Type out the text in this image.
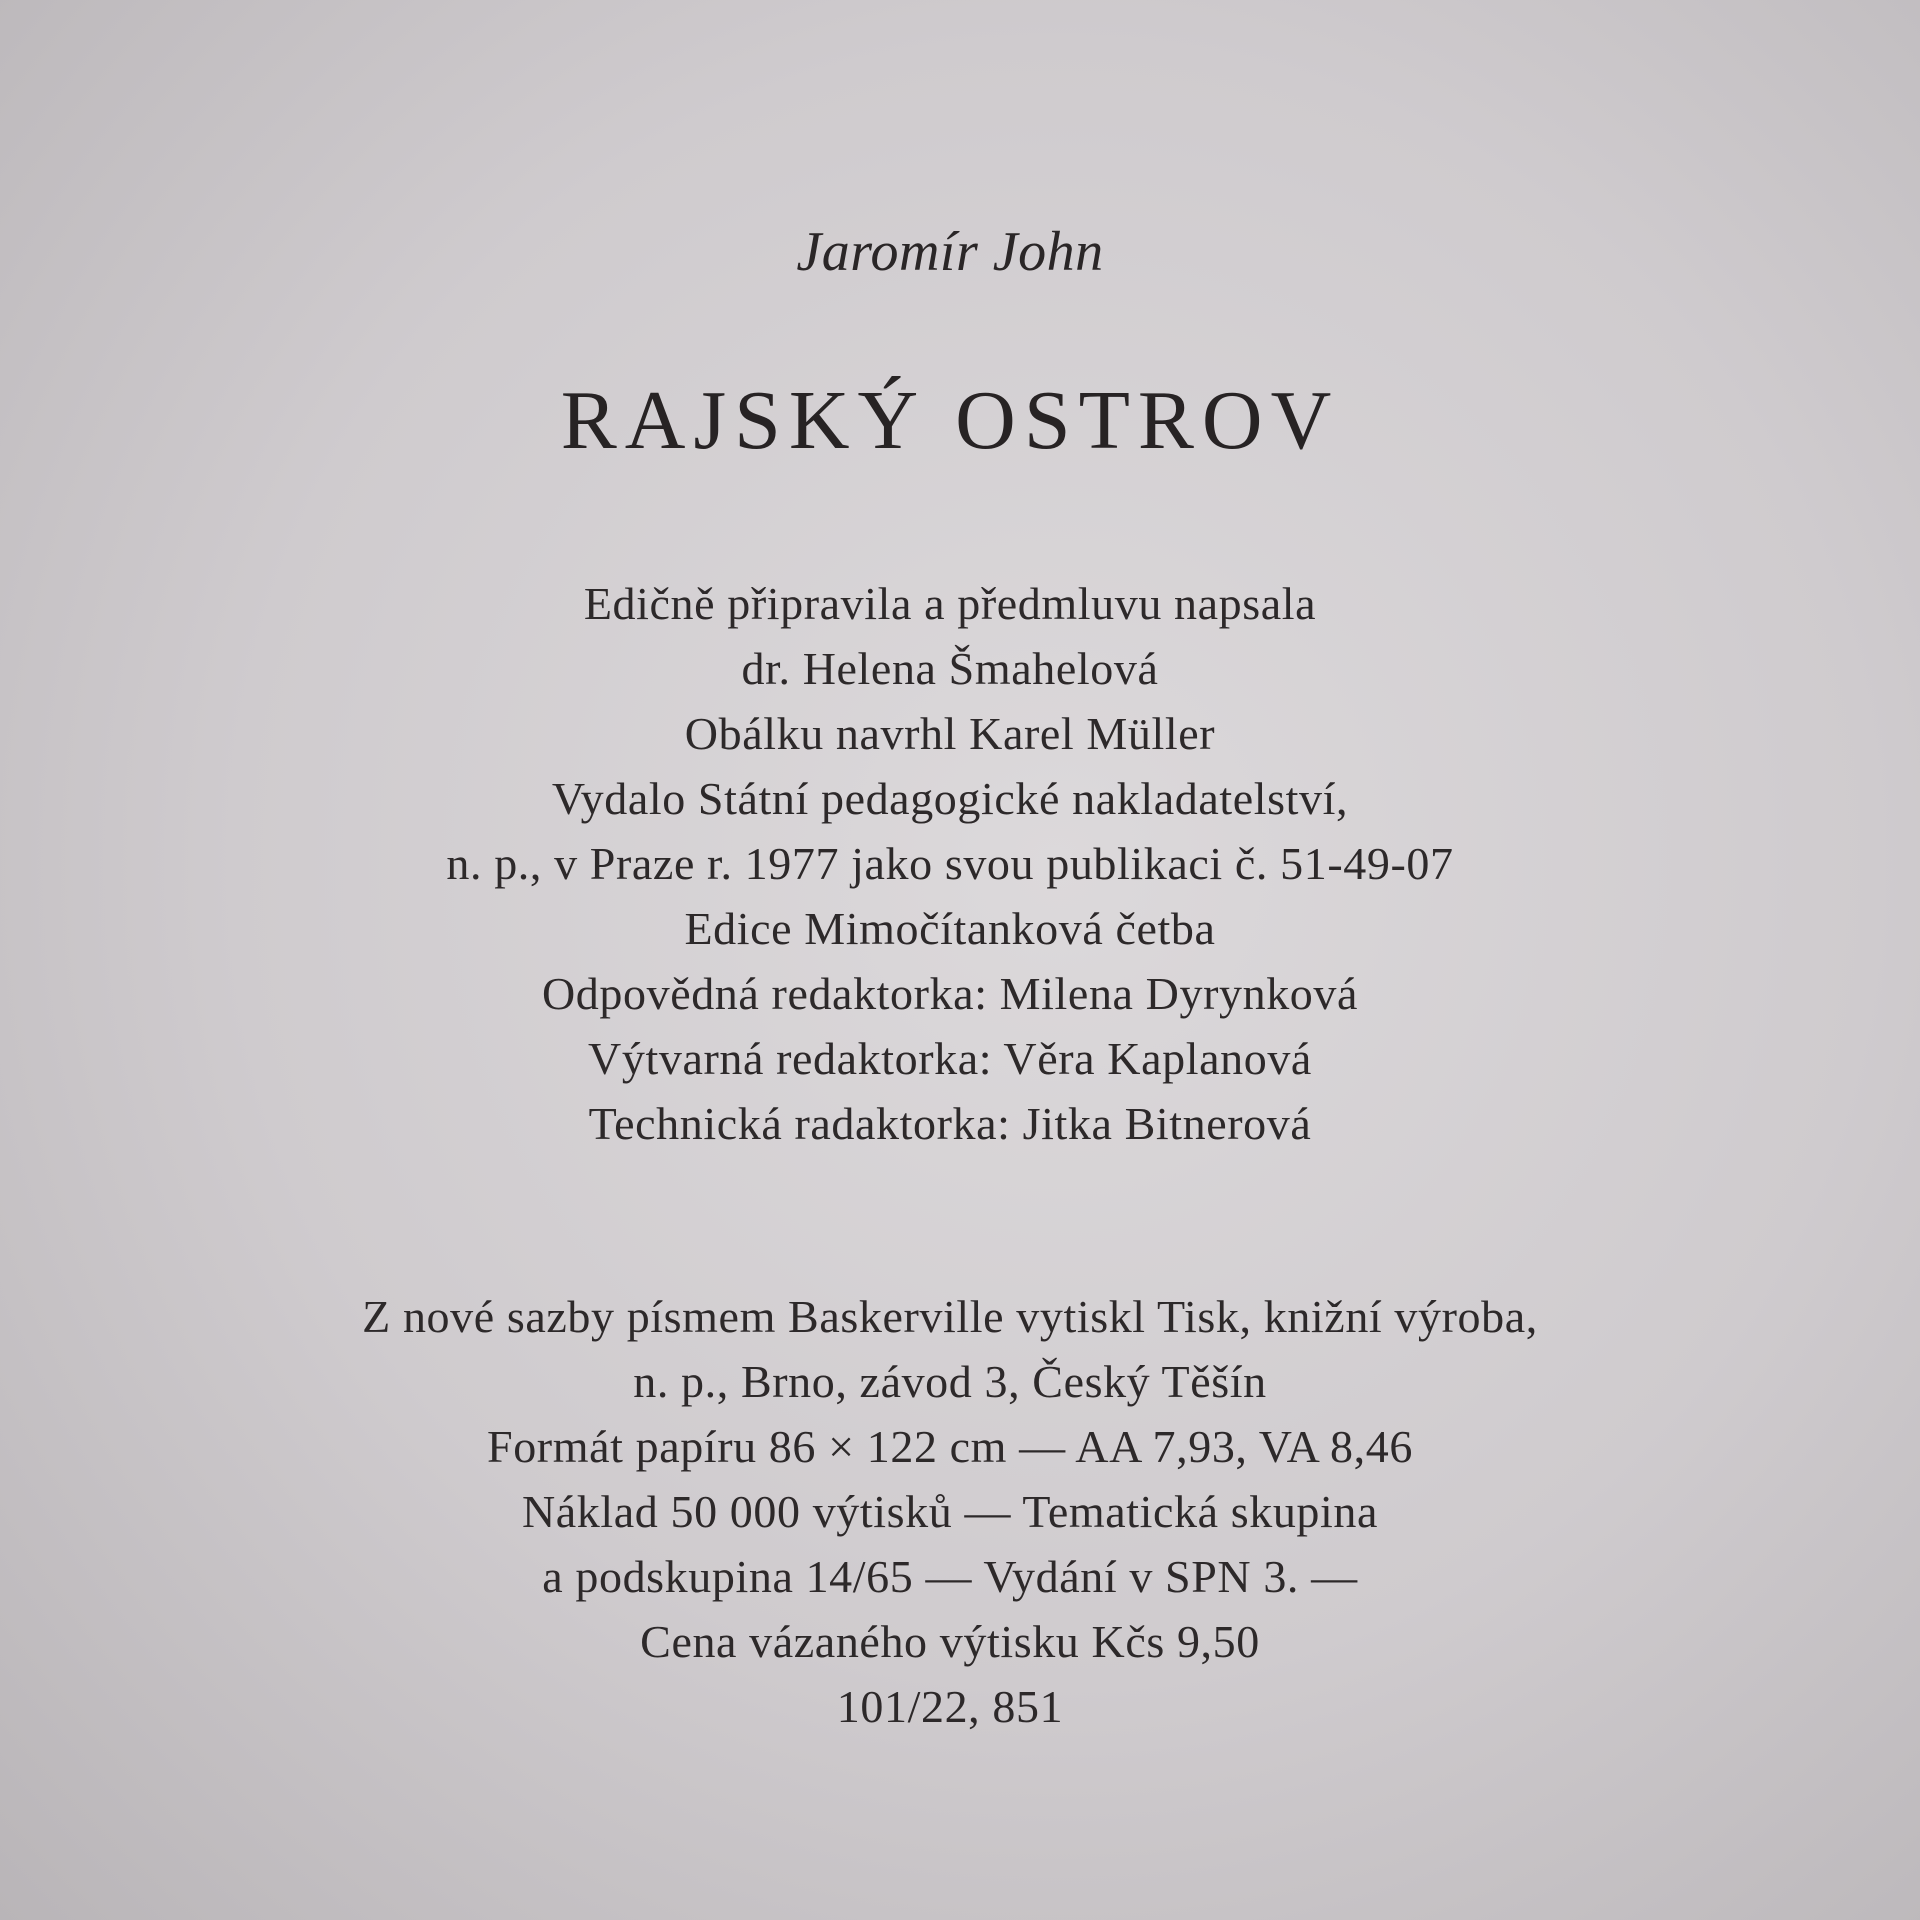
Jaromír John
RAJSKÝ OSTROV
Edičně připravila a předmluvu napsala
dr. Helena Šmahelová
Obálku navrhl Karel Müller
Vydalo Státní pedagogické nakladatelství,
n. p., v Praze r. 1977 jako svou publikaci č. 51-49-07
Edice Mimočítanková četba
Odpovědná redaktorka: Milena Dyrynková
Výtvarná redaktorka: Věra Kaplanová
Technická radaktorka: Jitka Bitnerová
Z nové sazby písmem Baskerville vytiskl Tisk, knižní výroba,
n. p., Brno, závod 3, Český Těšín
Formát papíru 86 × 122 cm — AA 7,93, VA 8,46
Náklad 50 000 výtisků — Tematická skupina
a podskupina 14/65 — Vydání v SPN 3. —
Cena vázaného výtisku Kčs 9,50
101/22, 851
